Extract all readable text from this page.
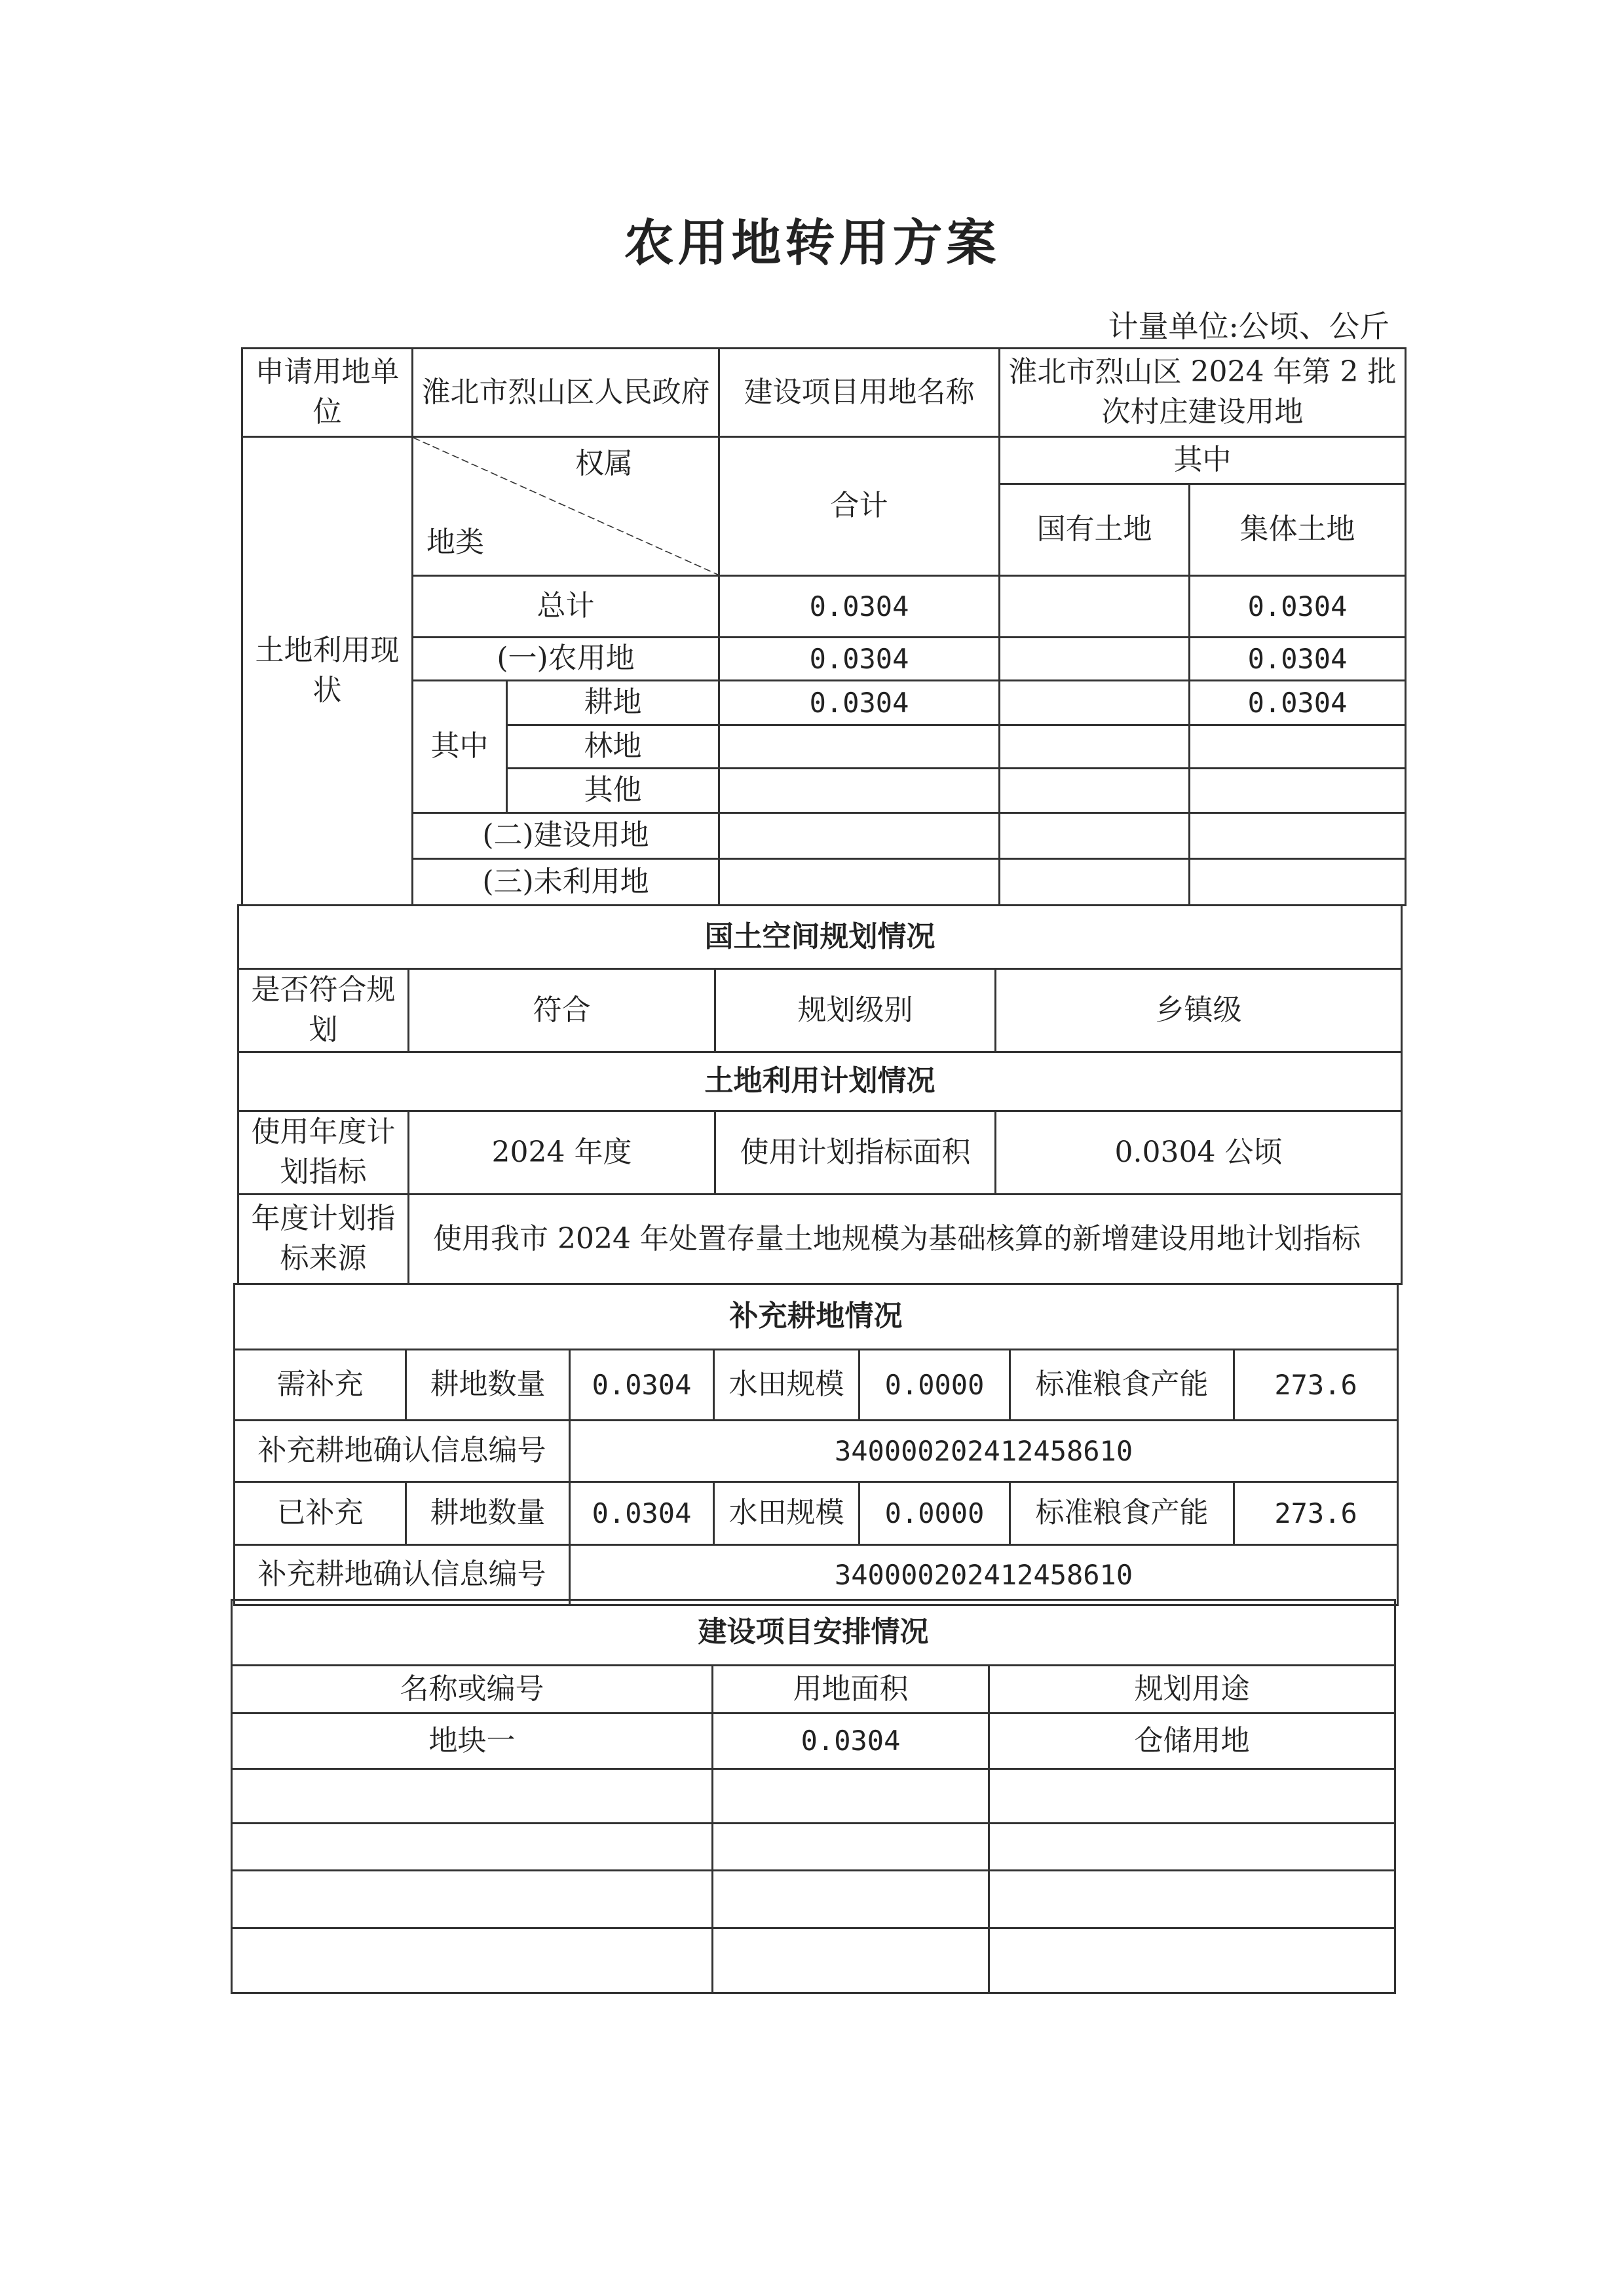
农用地转用方案
计量单位:公顷、公斤
申请用地单位	淮北市烈山区人民政府		建设项目用地名称	淮北市烈山区 2024 年第 2 批次村庄建设用地	
土地利用现状	权属
地类		合计	其中	
				国有土地	集体土地
	总计		0.0304		0.0304
	(一)农用地		0.0304		0.0304
	其中	耕地	0.0304		0.0304
		林地			
		其他			
	(二)建设用地				
	(三)未利用地				
国土空间规划情况			
是否符合规划	符合	规划级别	乡镇级
土地利用计划情况			
使用年度计划指标	2024 年度	使用计划指标面积	0.0304 公顷
年度计划指标来源	使用我市 2024 年处置存量土地规模为基础核算的新增建设用地计划指标		
补充耕地情况						
需补充	耕地数量	0.0304	水田规模	0.0000	标准粮食产能	273.6
补充耕地确认信息编号		340000202412458610				
已补充	耕地数量	0.0304	水田规模	0.0000	标准粮食产能	273.6
补充耕地确认信息编号		340000202412458610				
建设项目安排情况		
名称或编号	用地面积	规划用途
地块一	0.0304	仓储用地
